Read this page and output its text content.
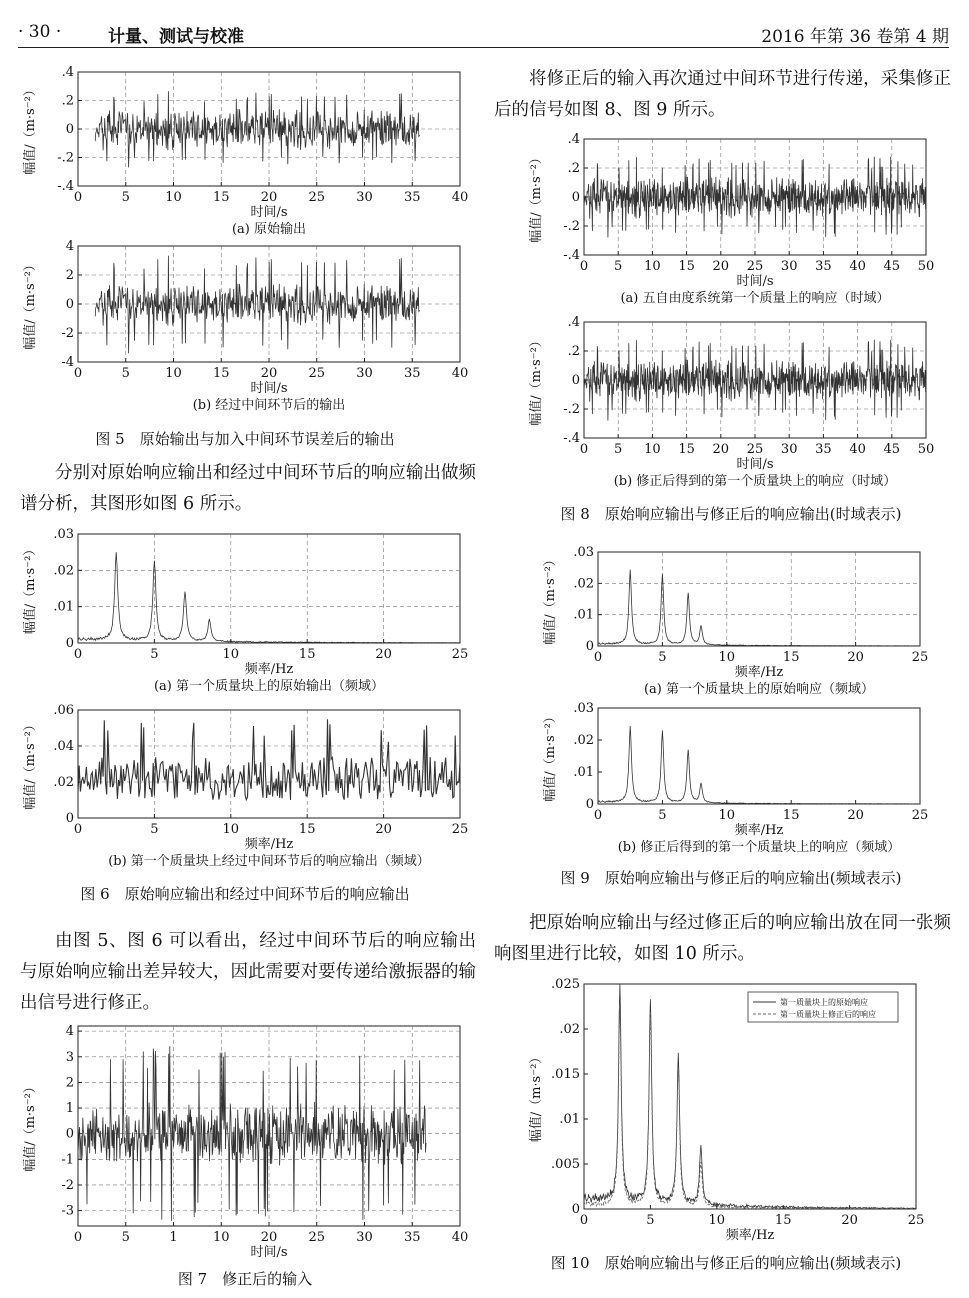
· 30 ·	计量、测试与校准	2016 年第 36 卷第 4 期
0	5	10 15 20 25 30 35 40
-.4
-.2
0
.2
.4
时间/s
幅值/（m·s⁻²）
(a) 原始输出
0	5	10 15 20 25 30 35 40
-4
-2
0
2
4
时间/s
幅值/（m·s⁻²）
(b) 经过中间环节后的输出
图 5　原始输出与加入中间环节误差后的输出

分别对原始响应输出和经过中间环节后的响应输出做频谱分析，其图形如图 6 所示。

0	5	10	15	20	25
0
.01
.02
.03
频率/Hz
幅值/（m·s⁻²）
(a) 第一个质量块上的原始输出（频域）
0	5	10	15	20	25
0
.02
.04
.06
频率/Hz
幅值/（m·s⁻²）
(b) 第一个质量块上经过中间环节后的响应输出（频域）
图 6　原始响应输出和经过中间环节后的响应输出

由图 5、图 6 可以看出，经过中间环节后的响应输出与原始响应输出差异较大，因此需要对要传递给激振器的输出信号进行修正。

0	5	1	10 20 25 30 35 40
-3
-2
-1
0
1
2
3
4
时间/s
幅值/（m·s⁻²）
图 7　修正后的输入

将修正后的输入再次通过中间环节进行传递，采集修正后的信号如图 8、图 9 所示。

0 5 10 15 20 25 30 35 40 45 50
-.4
-.2
0
.2
.4
时间/s
幅值/（m·s⁻²）
(a) 五自由度系统第一个质量上的响应（时域）
0 5 10 15 20 25 30 35 40 45 50
-.4
-.2
0
.2
.4
时间/s
幅值/（m·s⁻²）
(b) 修正后得到的第一个质量块上的响应（时域）
图 8　原始响应输出与修正后的响应输出(时域表示)
0	5	10	15	20	25
0
.01
.02
.03
频率/Hz
幅值/（m·s⁻²）
(a) 第一个质量块上的原始响应（频域）
0	5	10	15	20	25
0
.01
.02
.03
频率/Hz
幅值/（m·s⁻²）
(b) 修正后得到的第一个质量块上的响应（频域）
图 9　原始响应输出与修正后的响应输出(频域表示)

把原始响应输出与经过修正后的响应输出放在同一张频响图里进行比较，如图 10 所示。

0	5	10	15	20	25
0
.005
.01
.015
.02
.025
频率/Hz
幅值/（m·s⁻²）
第一质量块上的原始响应
第一质量块上修正后的响应
图 10　原始响应输出与修正后的响应输出(频域表示)
